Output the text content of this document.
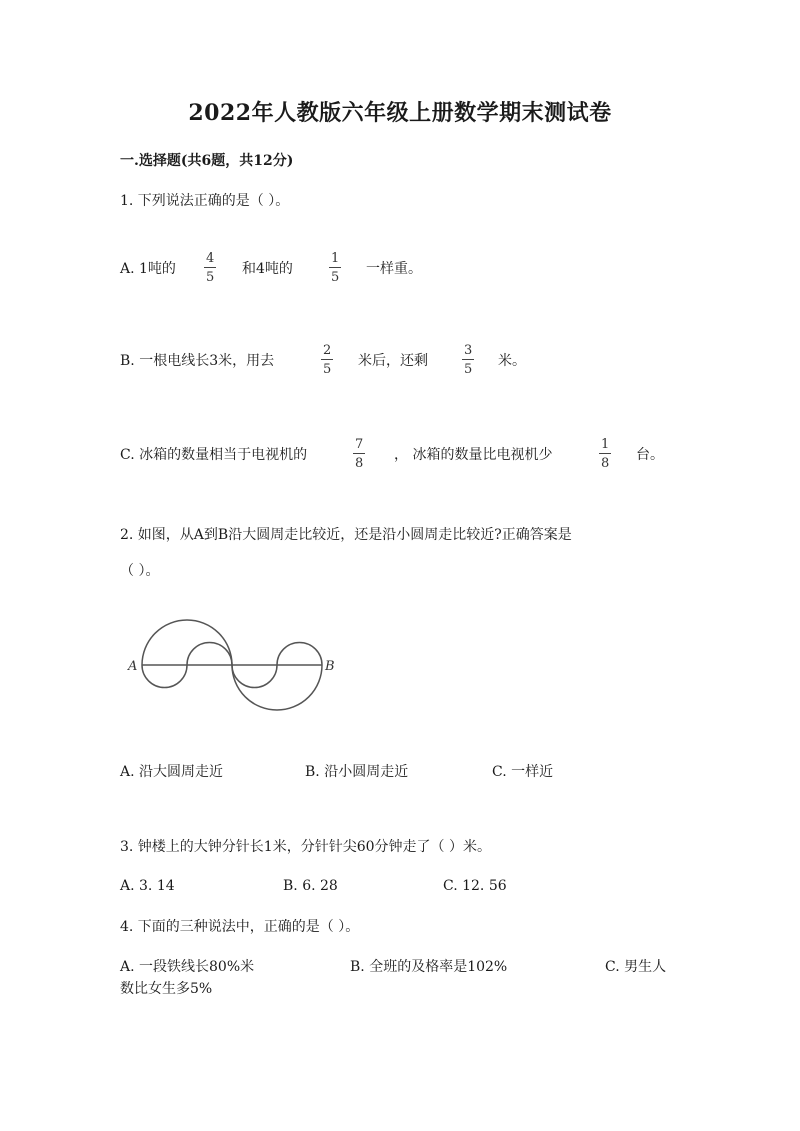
2022年人教版六年级上册数学期末测试卷
一.选择题(共6题，共12分)
1. 下列说法正确的是（ ）。
A. 1吨的
4
5
和4吨的
1
5
一样重。
B. 一根电线长3米，用去
2
5
米后，还剩
3
5
米。
C. 冰箱的数量相当于电视机的
7
8
， 冰箱的数量比电视机少
1
8
台。
2. 如图，从A到B沿大圆周走比较近，还是沿小圆周走比较近?正确答案是
（ ）。
A	B
A. 沿大圆周走近	B. 沿小圆周走近	C. 一样近
3. 钟楼上的大钟分针长1米，分针针尖60分钟走了（ ）米。
A. 3. 14	B. 6. 28	C. 12. 56
4. 下面的三种说法中，正确的是（ ）。
A. 一段铁线长80%米	B. 全班的及格率是102%	C. 男生人
数比女生多5%
